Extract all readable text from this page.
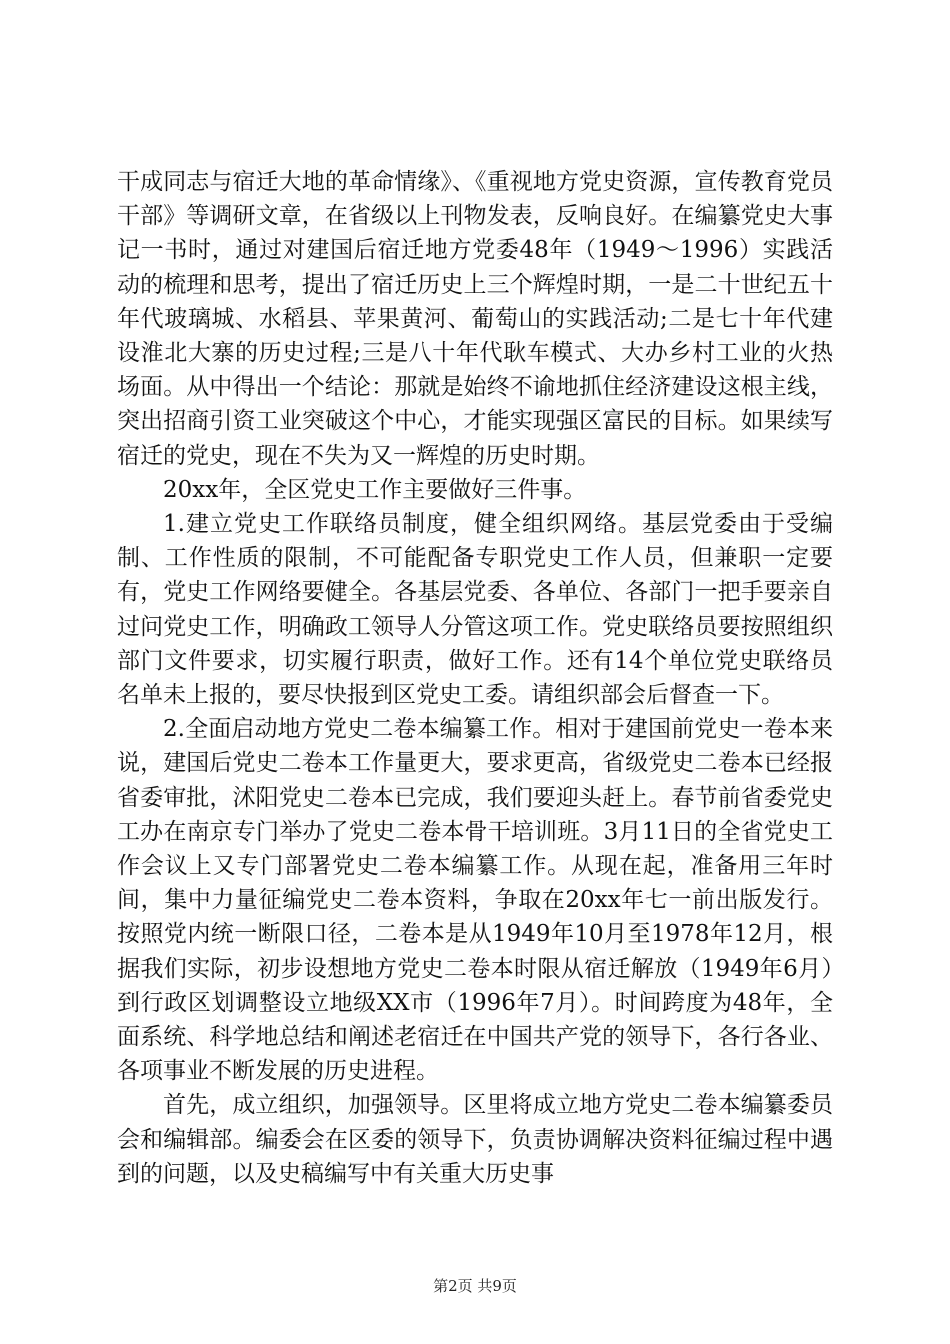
干成同志与宿迁大地的革命情缘》、《重视地方党史资源，宣传教育党员干部》等调研文章，在省级以上刊物发表，反响良好。在编纂党史大事记一书时，通过对建国后宿迁地方党委48年（1949～1996）实践活动的梳理和思考，提出了宿迁历史上三个辉煌时期，一是二十世纪五十年代玻璃城、水稻县、苹果黄河、葡萄山的实践活动;二是七十年代建设淮北大寨的历史过程;三是八十年代耿车模式、大办乡村工业的火热场面。从中得出一个结论：那就是始终不谕地抓住经济建设这根主线，突出招商引资工业突破这个中心，才能实现强区富民的目标。如果续写宿迁的党史，现在不失为又一辉煌的历史时期。

20xx年，全区党史工作主要做好三件事。

1.建立党史工作联络员制度，健全组织网络。基层党委由于受编制、工作性质的限制，不可能配备专职党史工作人员，但兼职一定要有，党史工作网络要健全。各基层党委、各单位、各部门一把手要亲自过问党史工作，明确政工领导人分管这项工作。党史联络员要按照组织部门文件要求，切实履行职责，做好工作。还有14个单位党史联络员名单未上报的，要尽快报到区党史工委。请组织部会后督查一下。

2.全面启动地方党史二卷本编纂工作。相对于建国前党史一卷本来说，建国后党史二卷本工作量更大，要求更高，省级党史二卷本已经报省委审批，沭阳党史二卷本已完成，我们要迎头赶上。春节前省委党史工办在南京专门举办了党史二卷本骨干培训班。3月11日的全省党史工作会议上又专门部署党史二卷本编纂工作。从现在起，准备用三年时间，集中力量征编党史二卷本资料，争取在20xx年七一前出版发行。按照党内统一断限口径，二卷本是从1949年10月至1978年12月，根据我们实际，初步设想地方党史二卷本时限从宿迁解放（1949年6月）到行政区划调整设立地级XX市（1996年7月）。时间跨度为48年，全面系统、科学地总结和阐述老宿迁在中国共产党的领导下，各行各业、各项事业不断发展的历史进程。

首先，成立组织，加强领导。区里将成立地方党史二卷本编纂委员会和编辑部。编委会在区委的领导下，负责协调解决资料征编过程中遇到的问题，以及史稿编写中有关重大历史事

第2页 共9页
